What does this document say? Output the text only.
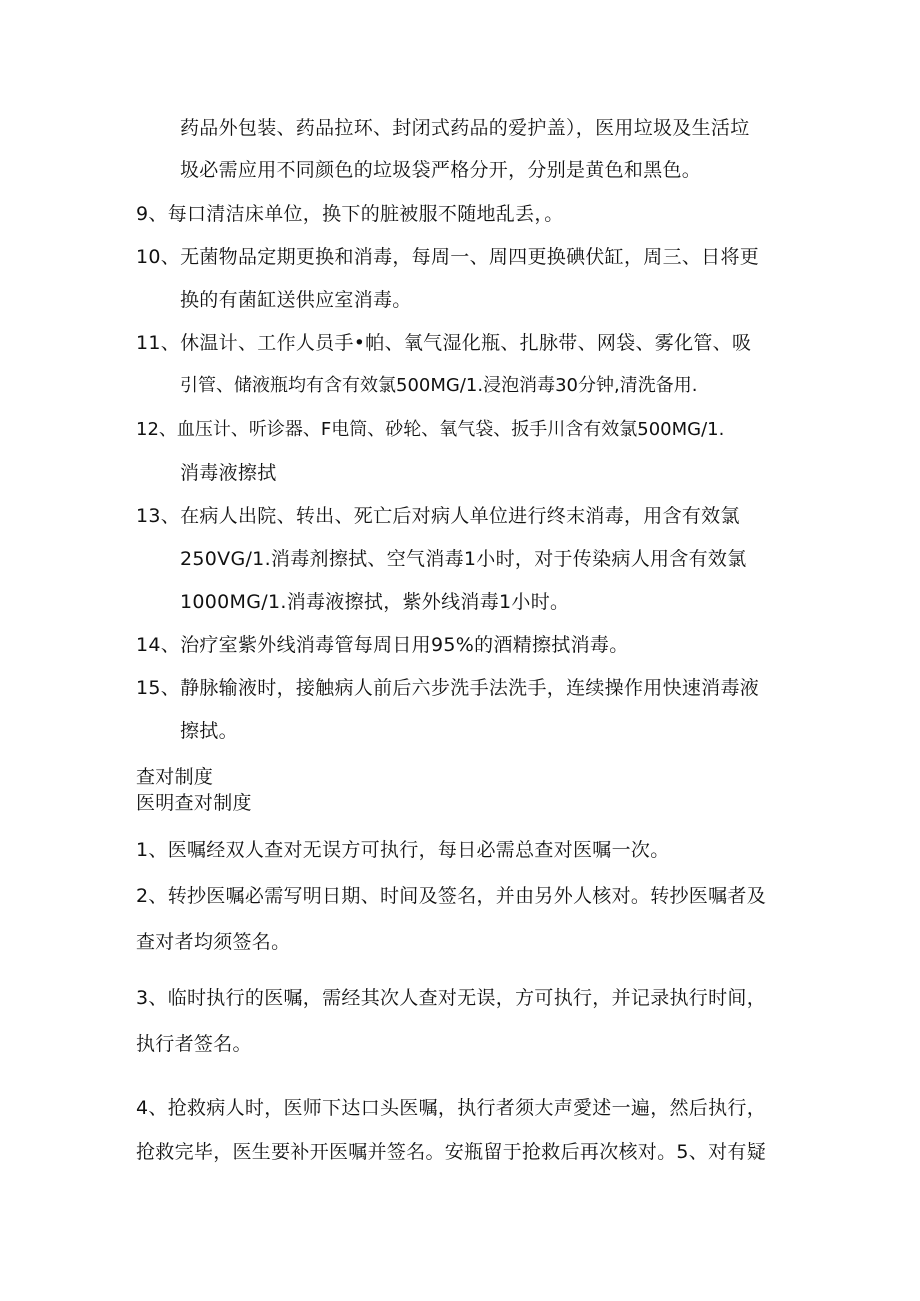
药品外包装、药品拉环、封闭式药品的爱护盖），医用垃圾及生活垃
圾必需应用不同颜色的垃圾袋严格分开，分别是黄色和黑色。
9、每口清洁床单位，换下的脏被服不随地乱丢，。
10、无菌物品定期更换和消毒，每周一、周四更换碘伏缸，周三、日将更
换的有菌缸送供应室消毒。
11、休温计、工作人员手•帕、氧气湿化瓶、扎脉带、网袋、雾化管、吸
引管、储液瓶均有含有效氯500MG/1.浸泡消毒30分钟,清洗备用.
12、血压计、听诊器、F电筒、砂轮、氧气袋、扳手川含有效氯500MG/1.
消毒液擦拭
13、在病人出院、转出、死亡后对病人单位进行终末消毒，用含有效氯
250VG/1.消毒剂擦拭、空气消毒1小时，对于传染病人用含有效氯
1000MG/1.消毒液擦拭，紫外线消毒1小时。
14、治疗室紫外线消毒管每周日用95%的酒精擦拭消毒。
15、静脉输液时，接触病人前后六步洗手法洗手，连续操作用快速消毒液
擦拭。
查对制度
医明查对制度
1、医嘱经双人查对无误方可执行，每日必需总查对医嘱一次。
2、转抄医嘱必需写明日期、时间及签名，并由另外人核对。转抄医嘱者及
查对者均须签名。
3、临时执行的医嘱，需经其次人查对无误，方可执行，并记录执行时间，
执行者签名。
4、抢救病人时，医师下达口头医嘱，执行者须大声愛述一遍，然后执行，
抢救完毕，医生要补开医嘱并签名。安瓶留于抢救后再次核对。5、对有疑
